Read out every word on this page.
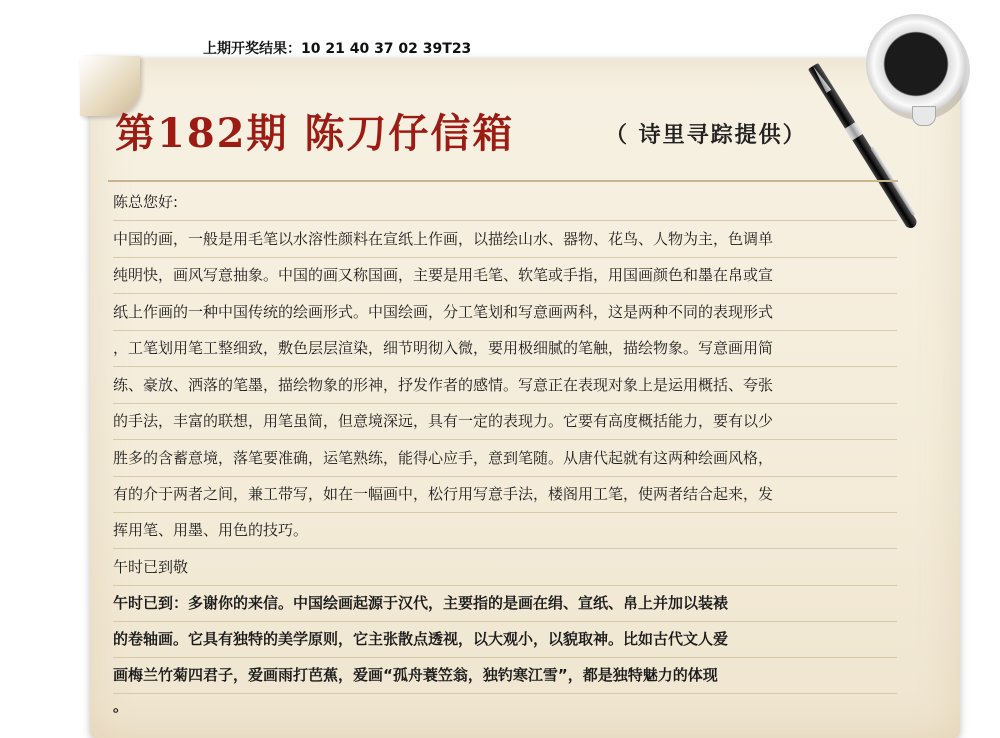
上期开奖结果：10 21 40 37 02 39T23
第182期 陈刀仔信箱	（ 诗里寻踪提供）
陈总您好:
中国的画，一般是用毛笔以水溶性颜料在宣纸上作画，以描绘山水、器物、花鸟、人物为主，色调单
纯明快，画风写意抽象。中国的画又称国画，主要是用毛笔、软笔或手指，用国画颜色和墨在帛或宣
纸上作画的一种中国传统的绘画形式。中国绘画，分工笔划和写意画两科，这是两种不同的表现形式
，工笔划用笔工整细致，敷色层层渲染，细节明彻入微，要用极细腻的笔触，描绘物象。写意画用简
练、豪放、洒落的笔墨，描绘物象的形神，抒发作者的感情。写意正在表现对象上是运用概括、夸张
的手法，丰富的联想，用笔虽简，但意境深远，具有一定的表现力。它要有高度概括能力，要有以少
胜多的含蓄意境，落笔要准确，运笔熟练，能得心应手，意到笔随。从唐代起就有这两种绘画风格，
有的介于两者之间，兼工带写，如在一幅画中，松行用写意手法，楼阁用工笔，使两者结合起来，发
挥用笔、用墨、用色的技巧。
午时已到敬
午时已到：多谢你的来信。中国绘画起源于汉代，主要指的是画在绢、宣纸、帛上并加以装裱
的卷轴画。它具有独特的美学原则，它主张散点透视，以大观小，以貌取神。比如古代文人爱
画梅兰竹菊四君子，爱画雨打芭蕉，爱画“孤舟蓑笠翁，独钓寒江雪”，都是独特魅力的体现
。
